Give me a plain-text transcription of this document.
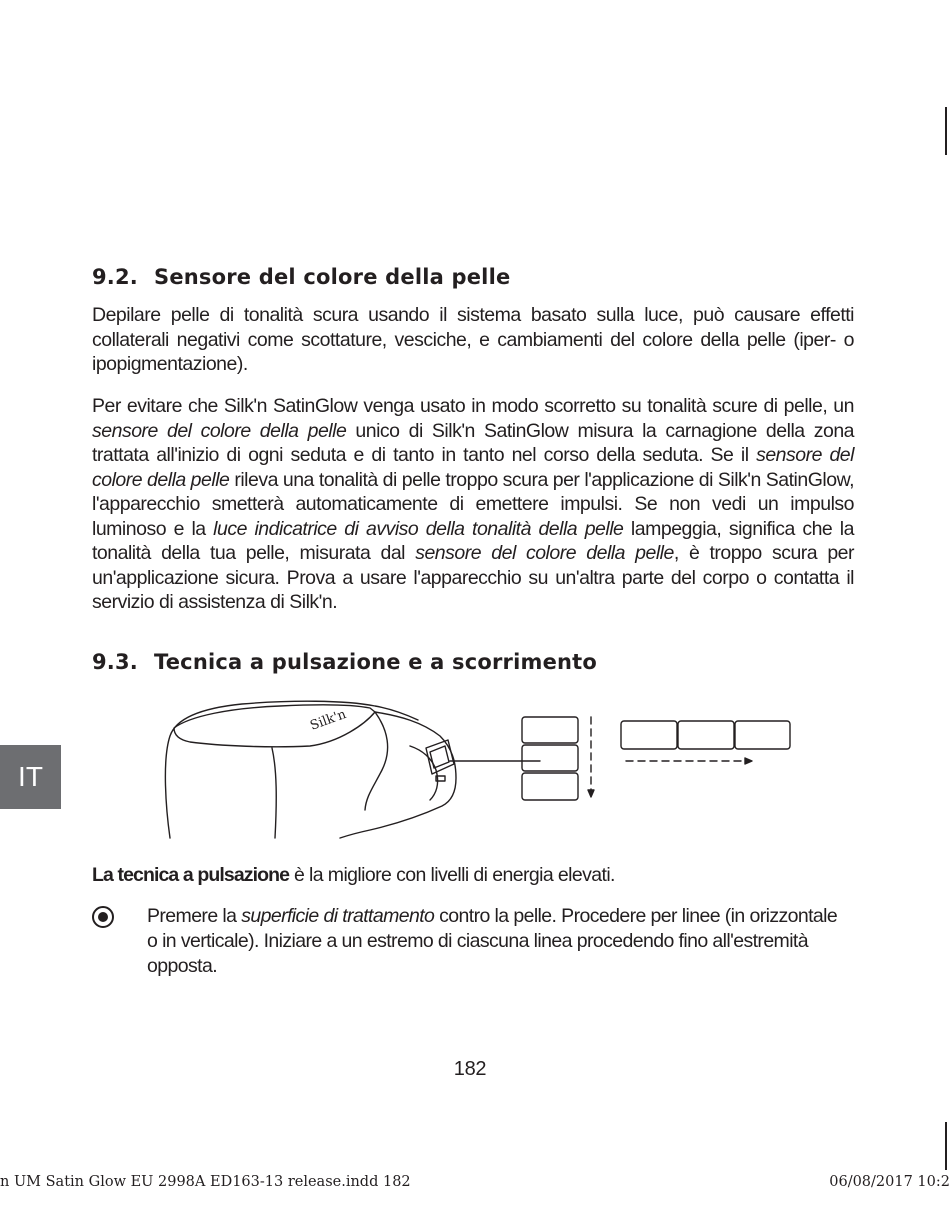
9.2. Sensore del colore della pelle

Depilare pelle di tonalità scura usando il sistema basato sulla luce, può causare effetti collaterali negativi come scottature, vesciche, e cambiamenti del colore della pelle (iper- o ipopigmentazione).

Per evitare che Silk'n SatinGlow venga usato in modo scorretto su tonalità scure di pelle, un sensore del colore della pelle unico di Silk'n SatinGlow misura la carnagione della zona trattata all'inizio di ogni seduta e di tanto in tanto nel corso della seduta. Se il sensore del colore della pelle rileva una tonalità di pelle troppo scura per l'applicazione di Silk'n SatinGlow, l'apparecchio smetterà automaticamente di emettere impulsi. Se non vedi un impulso luminoso e la luce indicatrice di avviso della tonalità della pelle lampeggia, significa che la tonalità della tua pelle, misurata dal sensore del colore della pelle, è troppo scura per un'applicazione sicura. Prova a usare l'apparecchio su un'altra parte del corpo o contatta il servizio di assistenza di Silk'n.

9.3. Tecnica a pulsazione e a scorrimento
Silk'n

La tecnica a pulsazione è la migliore con livelli di energia elevati.

Premere la superficie di trattamento contro la pelle. Procedere per linee (in orizzontale o in verticale). Iniziare a un estremo di ciascuna linea procedendo fino all'estremità opposta.

IT
182
n UM Satin Glow EU 2998A ED163-13 release.indd 182	06/08/2017 10:2
